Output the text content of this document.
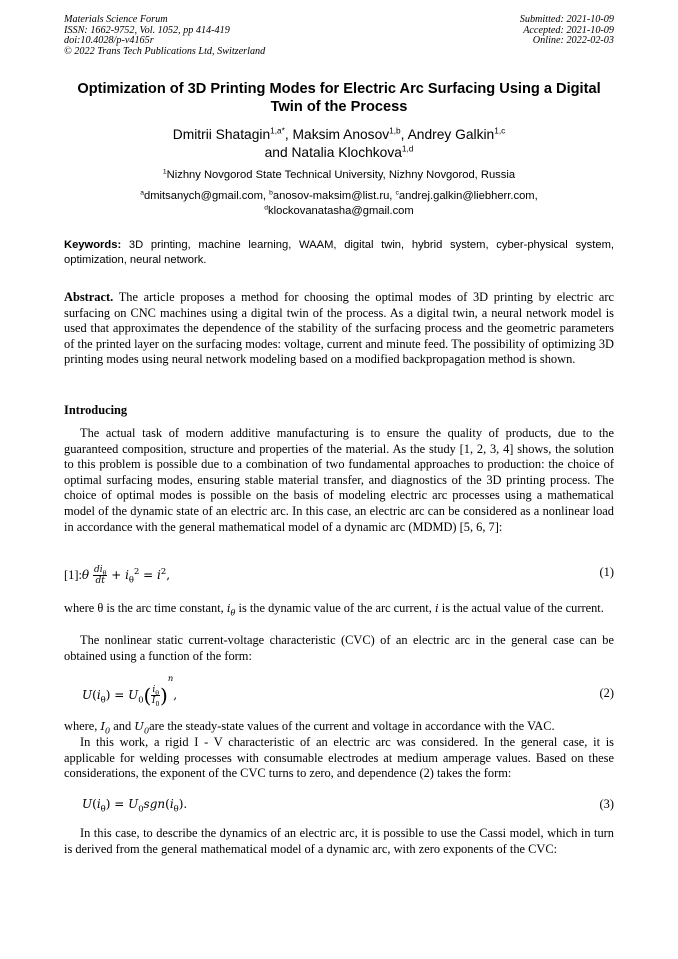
Materials Science Forum
ISSN: 1662-9752, Vol. 1052, pp 414-419
doi:10.4028/p-v4165r
© 2022 Trans Tech Publications Ltd, Switzerland
Submitted: 2021-10-09
Accepted: 2021-10-09
Online: 2022-02-03
Optimization of 3D Printing Modes for Electric Arc Surfacing Using a Digital Twin of the Process
Dmitrii Shatagin$^{1,a*}$, Maksim Anosov$^{1,b}$, Andrey Galkin$^{1,c}$
and Natalia Klochkova$^{1,d}$
$^1$Nizhny Novgorod State Technical University, Nizhny Novgorod, Russia
$^a$dmitsanych@gmail.com, $^b$anosov-maksim@list.ru, $^c$andrej.galkin@liebherr.com,
$^d$klockovanatasha@gmail.com
Keywords: 3D printing, machine learning, WAAM, digital twin, hybrid system, cyber-physical system, optimization, neural network.
Abstract. The article proposes a method for choosing the optimal modes of 3D printing by electric arc surfacing on CNC machines using a digital twin of the process. As a digital twin, a neural network model is used that approximates the dependence of the stability of the surfacing process and the geometric parameters of the printed layer on the surfacing modes: voltage, current and minute feed. The possibility of optimizing 3D printing modes using neural network modeling based on a modified backpropagation method is shown.
Introducing
The actual task of modern additive manufacturing is to ensure the quality of products, due to the guaranteed composition, structure and properties of the material. As the study [1, 2, 3, 4] shows, the solution to this problem is possible due to a combination of two fundamental approaches to production: the choice of optimal surfacing modes, ensuring stable material transfer, and diagnostics of the 3D printing process. The choice of optimal modes is possible on the basis of modeling electric arc processes using a mathematical model of the dynamic state of an electric arc. In this case, an electric arc can be considered as a nonlinear load in accordance with the general mathematical model of a dynamic arc (MDMD) [5, 6, 7]:
[1]:θ $\frac{di_\theta}{dt} + i_\theta^2 = i^2$,	(1)
where θ is the arc time constant, $i_\theta$ is the dynamic value of the arc current, i is the actual value of the current.
The nonlinear static current-voltage characteristic (CVC) of an electric arc in the general case can be obtained using a function of the form:
$U(i_\theta) = U_0( \frac{i_\theta}{I_0} )^n$,	(2)
where, $I_0$ and $U_0are$ the steady-state values of the current and voltage in accordance with the VAC.
In this work, a rigid I - V characteristic of an electric arc was considered. In the general case, it is applicable for welding processes with consumable electrodes at medium amperage values. Based on these considerations, the exponent of the CVC turns to zero, and dependence (2) takes the form:
$U(i_\theta) = U_0sgn(i_\theta)$.	(3)
In this case, to describe the dynamics of an electric arc, it is possible to use the Cassi model, which in turn is derived from the general mathematical model of a dynamic arc, with zero exponents of the CVC:
